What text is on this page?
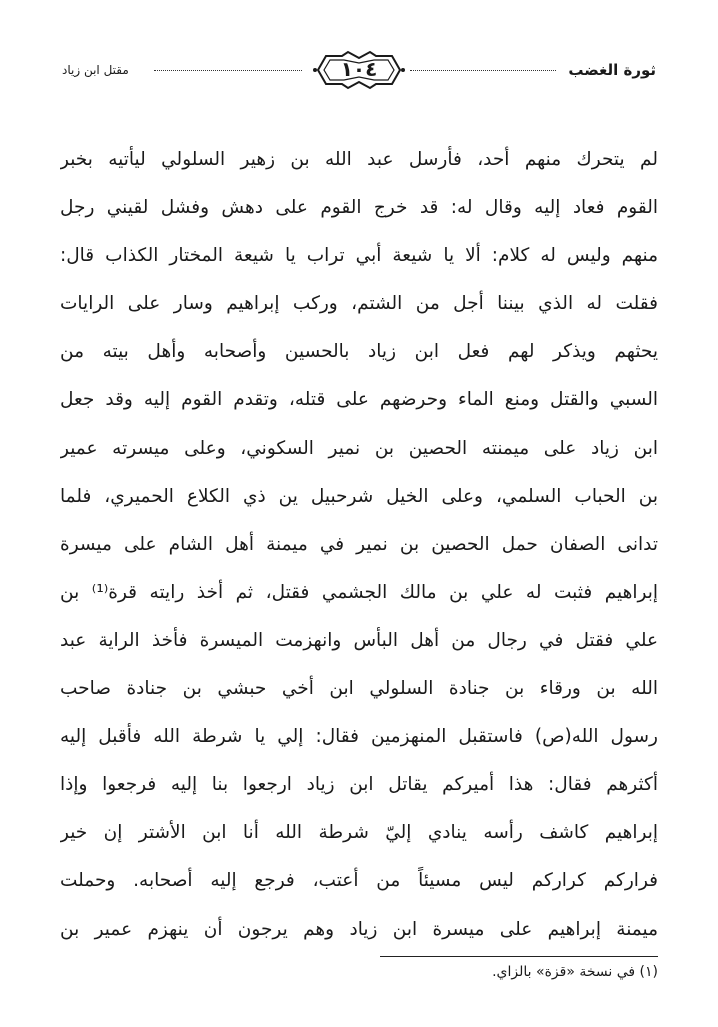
ثورة الغضب
١٠٤
مقتل ابن زياد
لم يتحرك منهم أحد، فأرسل عبد الله بن زهير السلولي ليأتيه بخبر
القوم فعاد إليه وقال له: قد خرج القوم على دهش وفشل لقيني رجل
منهم وليس له كلام: ألا يا شيعة أبي تراب يا شيعة المختار الكذاب قال:
فقلت له الذي بيننا أجل من الشتم، وركب إبراهيم وسار على الرايات
يحثهم ويذكر لهم فعل ابن زياد بالحسين وأصحابه وأهل بيته من
السبي والقتل ومنع الماء وحرضهم على قتله، وتقدم القوم إليه وقد جعل
ابن زياد على ميمنته الحصين بن نمير السكوني، وعلى ميسرته عمير
بن الحباب السلمي، وعلى الخيل شرحبيل ين ذي الكلاع الحميري، فلما
تدانى الصفان حمل الحصين بن نمير في ميمنة أهل الشام على ميسرة
إبراهيم فثبت له علي بن مالك الجشمي فقتل، ثم أخذ رايته قرة⁽¹⁾ بن
علي فقتل في رجال من أهل البأس وانهزمت الميسرة فأخذ الراية عبد
الله بن ورقاء بن جنادة السلولي ابن أخي حبشي بن جنادة صاحب
رسول الله(ص) فاستقبل المنهزمين فقال: إلي يا شرطة الله فأقبل إليه
أكثرهم فقال: هذا أميركم يقاتل ابن زياد ارجعوا بنا إليه فرجعوا وإذا
إبراهيم كاشف رأسه ينادي إليّ شرطة الله أنا ابن الأشتر إن خير
فراركم كراركم ليس مسيئاً من أعتب، فرجع إليه أصحابه. وحملت
ميمنة إبراهيم على ميسرة ابن زياد وهم يرجون أن ينهزم عمير بن
(١) في نسخة «قزة» بالزاي.
